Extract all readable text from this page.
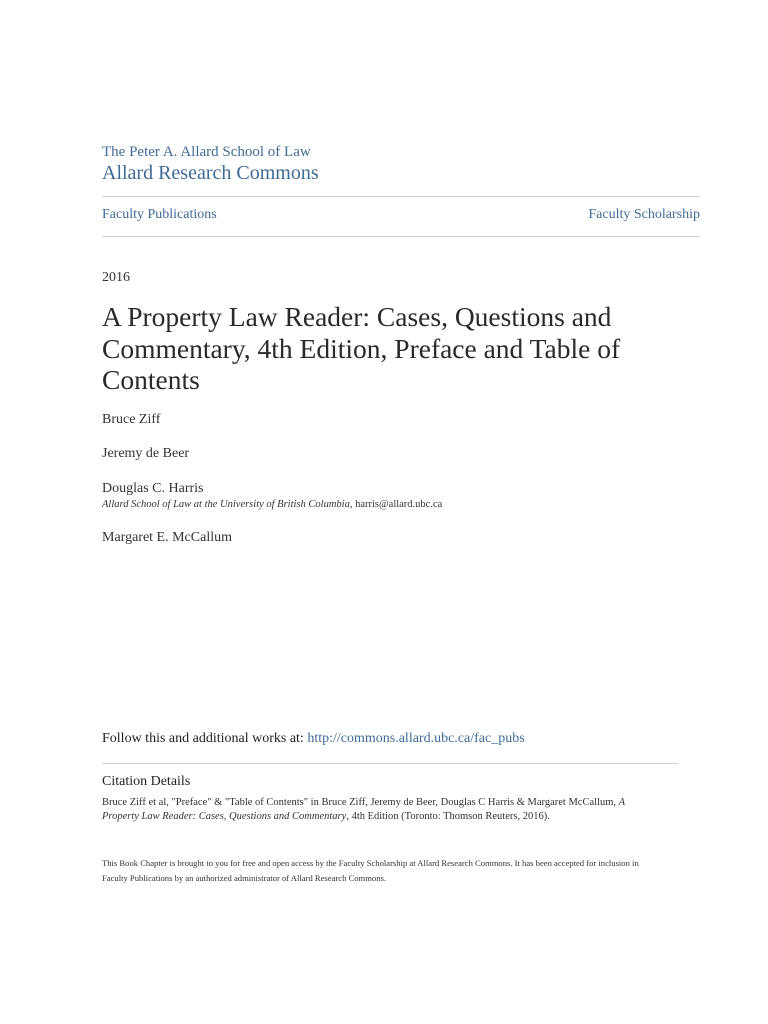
The Peter A. Allard School of Law
Allard Research Commons
Faculty Publications	Faculty Scholarship
2016
A Property Law Reader: Cases, Questions and Commentary, 4th Edition, Preface and Table of Contents
Bruce Ziff
Jeremy de Beer
Douglas C. Harris
Allard School of Law at the University of British Columbia, harris@allard.ubc.ca
Margaret E. McCallum
Follow this and additional works at: http://commons.allard.ubc.ca/fac_pubs
Citation Details
Bruce Ziff et al, "Preface" & "Table of Contents" in Bruce Ziff, Jeremy de Beer, Douglas C Harris & Margaret McCallum, A Property Law Reader: Cases, Questions and Commentary, 4th Edition (Toronto: Thomson Reuters, 2016).
This Book Chapter is brought to you for free and open access by the Faculty Scholarship at Allard Research Commons. It has been accepted for inclusion in Faculty Publications by an authorized administrator of Allard Research Commons.
